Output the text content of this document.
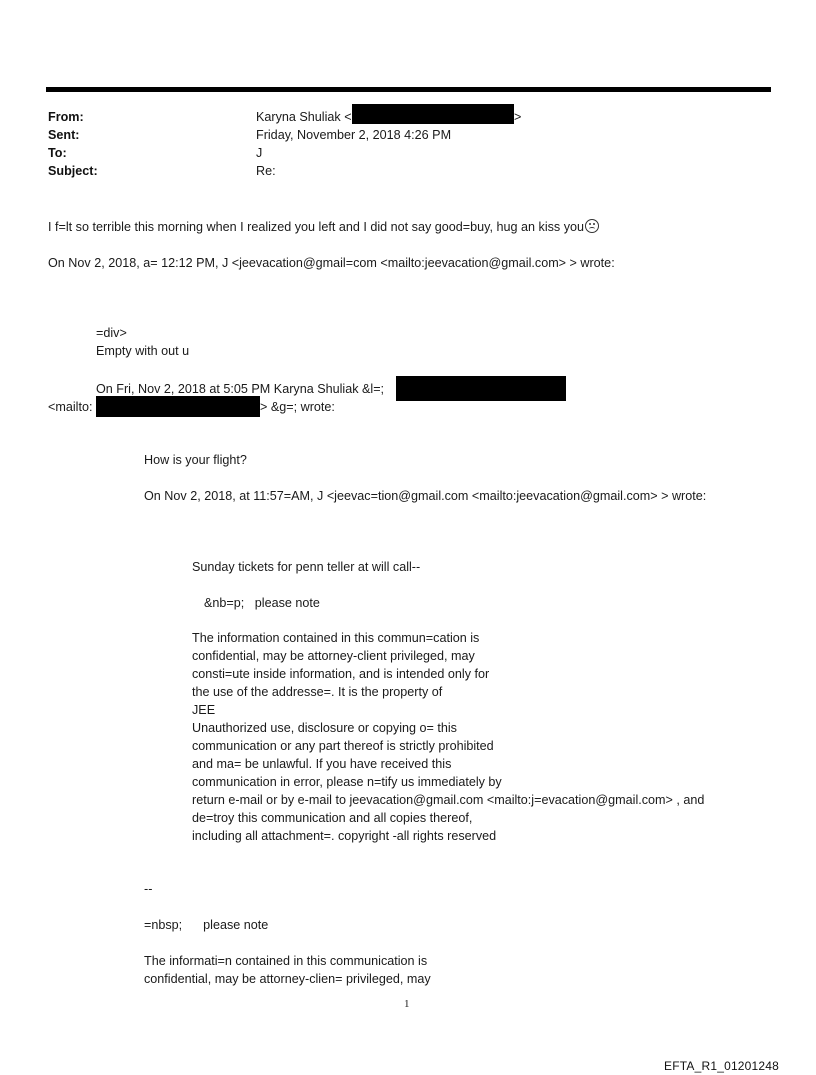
From:	Karyna Shuliak <	>
Sent:	Friday, November 2, 2018 4:26 PM
To:	J
Subject:	Re:
I f=lt so terrible this morning when I realized you left and I did not say good=buy, hug an kiss you
On Nov 2, 2018, a= 12:12 PM, J <jeevacation@gmail=com <mailto:jeevacation@gmail.com> > wrote:
=div>
Empty with out u
On Fri, Nov 2, 2018 at 5:05 PM Karyna Shuliak &l=;
<mailto:	> &g=; wrote:
How is your flight?
On Nov 2, 2018, at 11:57=AM, J <jeevac=tion@gmail.com <mailto:jeevacation@gmail.com> > wrote:
Sunday tickets for penn teller at will call--
&nb=p;   please note
The information contained in this commun=cation is
confidential, may be attorney-client privileged, may
consti=ute inside information, and is intended only for
the use of the addresse=. It is the property of
JEE
Unauthorized use, disclosure or copying o= this
communication or any part thereof is strictly prohibited
and ma= be unlawful. If you have received this
communication in error, please n=tify us immediately by
return e-mail or by e-mail to jeevacation@gmail.com <mailto:j=evacation@gmail.com> , and
de=troy this communication and all copies thereof,
including all attachment=. copyright -all rights reserved
--
=nbsp;      please note
The informati=n contained in this communication is
confidential, may be attorney-clien= privileged, may
1
EFTA_R1_01201248
